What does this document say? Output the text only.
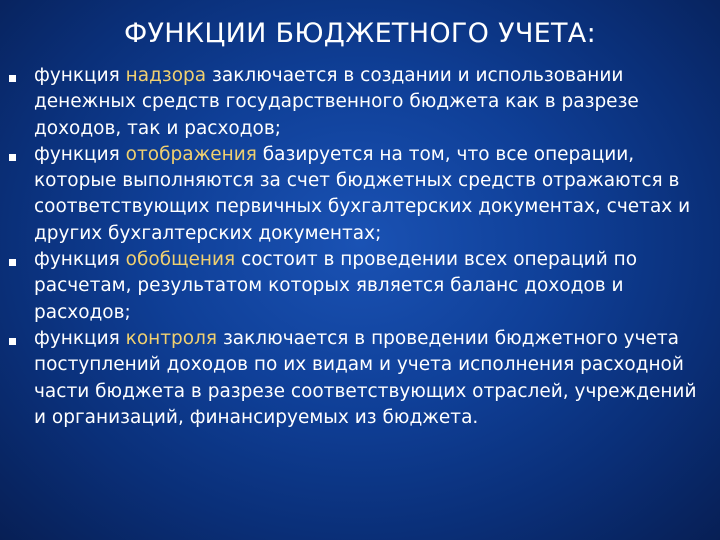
ФУНКЦИИ БЮДЖЕТНОГО УЧЕТА:
функция надзора заключается в создании и использовании денежных средств государственного бюджета как в разрезе доходов, так и расходов;
функция отображения базируется на том, что все операции, которые выполняются за счет бюджетных средств отражаются в соответствующих первичных бухгалтерских документах, счетах и других бухгалтерских документах;
функция обобщения состоит в проведении всех операций по расчетам, результатом которых является баланс доходов и расходов;
функция контроля заключается в проведении бюджетного учета поступлений доходов по их видам и учета исполнения расходной части бюджета в разрезе соответствующих отраслей, учреждений и организаций, финансируемых из бюджета.
